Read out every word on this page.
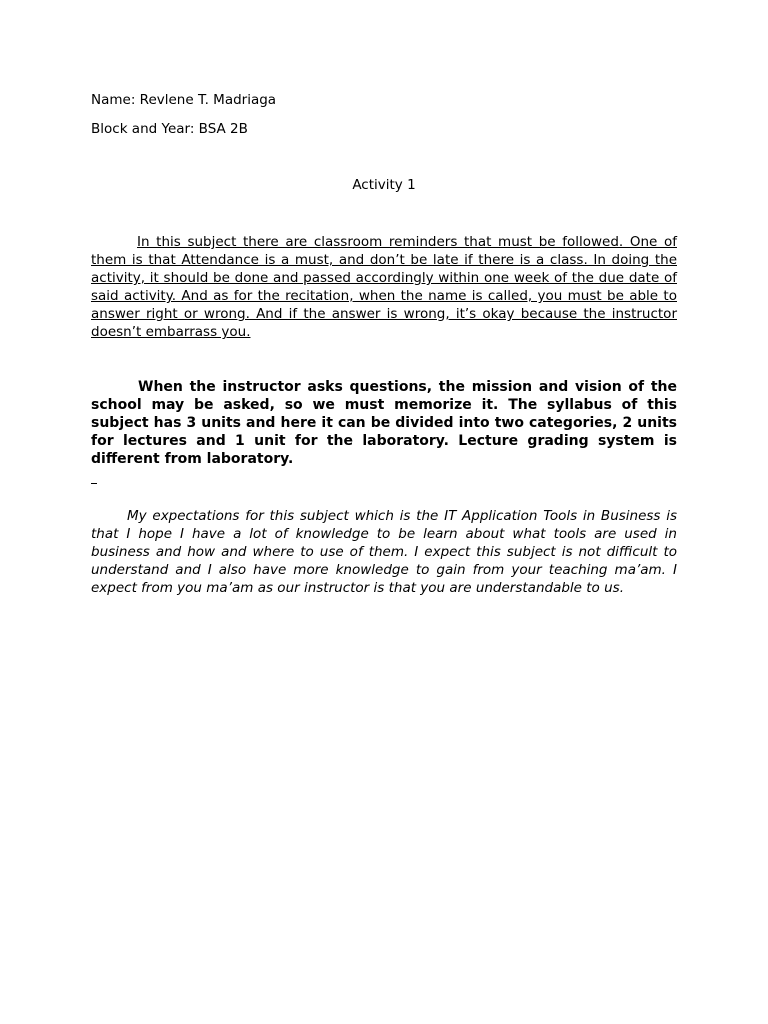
Name: Revlene T. Madriaga
Block and Year: BSA 2B
Activity 1
In this subject there are classroom reminders that must be followed. One of them is that Attendance is a must, and don’t be late if there is a class. In doing the activity, it should be done and passed accordingly within one week of the due date of said activity. And as for the recitation, when the name is called, you must be able to answer right or wrong. And if the answer is wrong, it’s okay because the instructor doesn’t embarrass you.
When the instructor asks questions, the mission and vision of the school may be asked, so we must memorize it. The syllabus of this subject has 3 units and here it can be divided into two categories, 2 units for lectures and 1 unit for the laboratory. Lecture grading system is different from laboratory.
My expectations for this subject which is the IT Application Tools in Business is that I hope I have a lot of knowledge to be learn about what tools are used in business and how and where to use of them. I expect this subject is not difficult to understand and I also have more knowledge to gain from your teaching ma’am. I expect from you ma’am as our instructor is that you are understandable to us.
